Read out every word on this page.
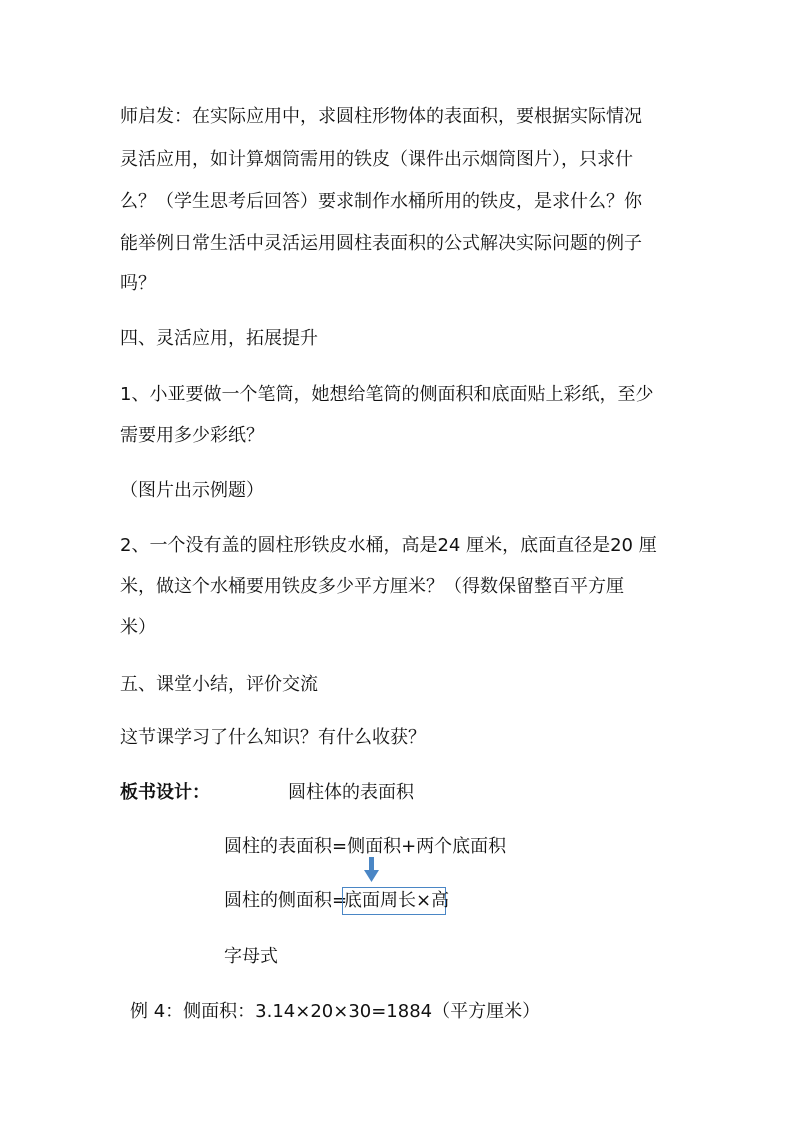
师启发：在实际应用中，求圆柱形物体的表面积，要根据实际情况
灵活应用，如计算烟筒需用的铁皮（课件出示烟筒图片），只求什
么？（学生思考后回答）要求制作水桶所用的铁皮，是求什么？你
能举例日常生活中灵活运用圆柱表面积的公式解决实际问题的例子
吗？
四、灵活应用，拓展提升
1、小亚要做一个笔筒，她想给笔筒的侧面积和底面贴上彩纸，至少
需要用多少彩纸？
（图片出示例题）
2、一个没有盖的圆柱形铁皮水桶，高是24 厘米，底面直径是20 厘
米，做这个水桶要用铁皮多少平方厘米？（得数保留整百平方厘
米）
五、课堂小结，评价交流
这节课学习了什么知识？有什么收获？
板书设计：	圆柱体的表面积
圆柱的表面积=侧面积+两个底面积
圆柱的侧面积=
底面周长×高
字母式
例 4：侧面积：3.14×20×30=1884（平方厘米）
